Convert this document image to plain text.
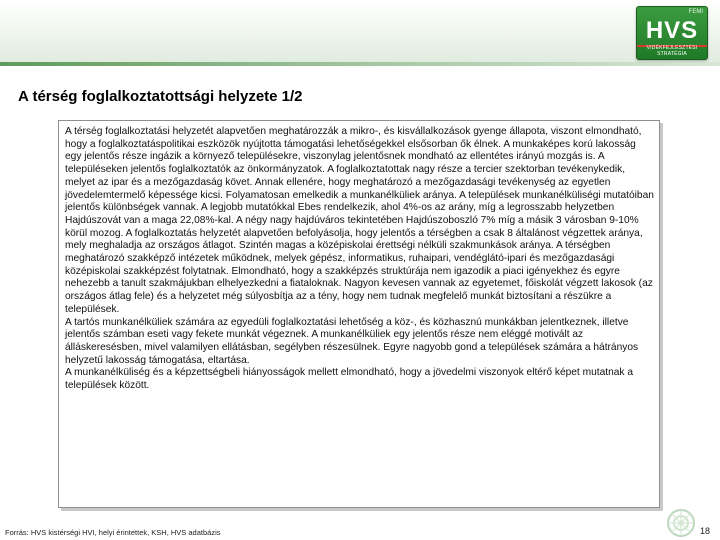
FEMI
HVS
VIDÉKFEJLESZTÉSI STRATÉGIA
A térség foglalkoztatottsági helyzete 1/2

A térség foglalkoztatási helyzetét alapvetően meghatározzák a mikro-, és kisvállalkozások gyenge állapota, viszont elmondható, hogy a foglalkoztatáspolitikai eszközök nyújtotta támogatási lehetőségekkel elsősorban ők élnek. A munkaképes korú lakosság egy jelentős része ingázik a környező településekre, viszonylag jelentősnek mondható az ellentétes irányú mozgás is. A településeken jelentős foglalkoztatók az önkormányzatok. A foglalkoztatottak nagy része a tercier szektorban tevékenykedik, melyet az ipar és a mezőgazdaság követ. Annak ellenére, hogy meghatározó a mezőgazdasági tevékenység az egyetlen jövedelemtermelő képessége kicsi. Folyamatosan emelkedik a munkanélküliek aránya. A települések munkanélküliségi mutatóiban jelentős különbségek vannak. A legjobb mutatókkal Ebes rendelkezik, ahol 4%-os az arány, míg a legrosszabb helyzetben Hajdúszovát van a maga 22,08%-kal. A négy nagy hajdúváros tekintetében Hajdúszoboszló 7% míg a másik 3 városban 9-10% körül mozog. A foglalkoztatás helyzetét alapvetően befolyásolja, hogy jelentős a térségben a csak 8 általánost végzettek aránya, mely meghaladja az országos átlagot. Szintén magas a középiskolai érettségi nélküli szakmunkások aránya. A térségben meghatározó szakképző intézetek működnek, melyek gépész, informatikus, ruhaipari, vendéglátó-ipari és mezőgazdasági középiskolai szakképzést folytatnak. Elmondható, hogy a szakképzés struktúrája nem igazodik a piaci igényekhez és egyre nehezebb a tanult szakmájukban elhelyezkedni a fiataloknak. Nagyon kevesen vannak az egyetemet, főiskolát végzett lakosok (az országos átlag fele) és a helyzetet még súlyosbítja az a tény, hogy nem tudnak megfelelő munkát biztosítani a részükre a települések.

A tartós munkanélküliek számára az egyedüli foglalkoztatási lehetőség a köz-, és közhasznú munkákban jelentkeznek, illetve jelentős számban eseti vagy fekete munkát végeznek. A munkanélküliek egy jelentős része nem eléggé motivált az álláskeresésben, mivel valamilyen ellátásban, segélyben részesülnek. Egyre nagyobb gond a települések számára a hátrányos helyzetű lakosság támogatása, eltartása.

A munkanélküliség és a képzettségbeli hiányosságok mellett elmondható, hogy a jövedelmi viszonyok eltérő képet mutatnak a települések között.

Forrás: HVS kistérségi HVI, helyi érintettek, KSH, HVS adatbázis	18
